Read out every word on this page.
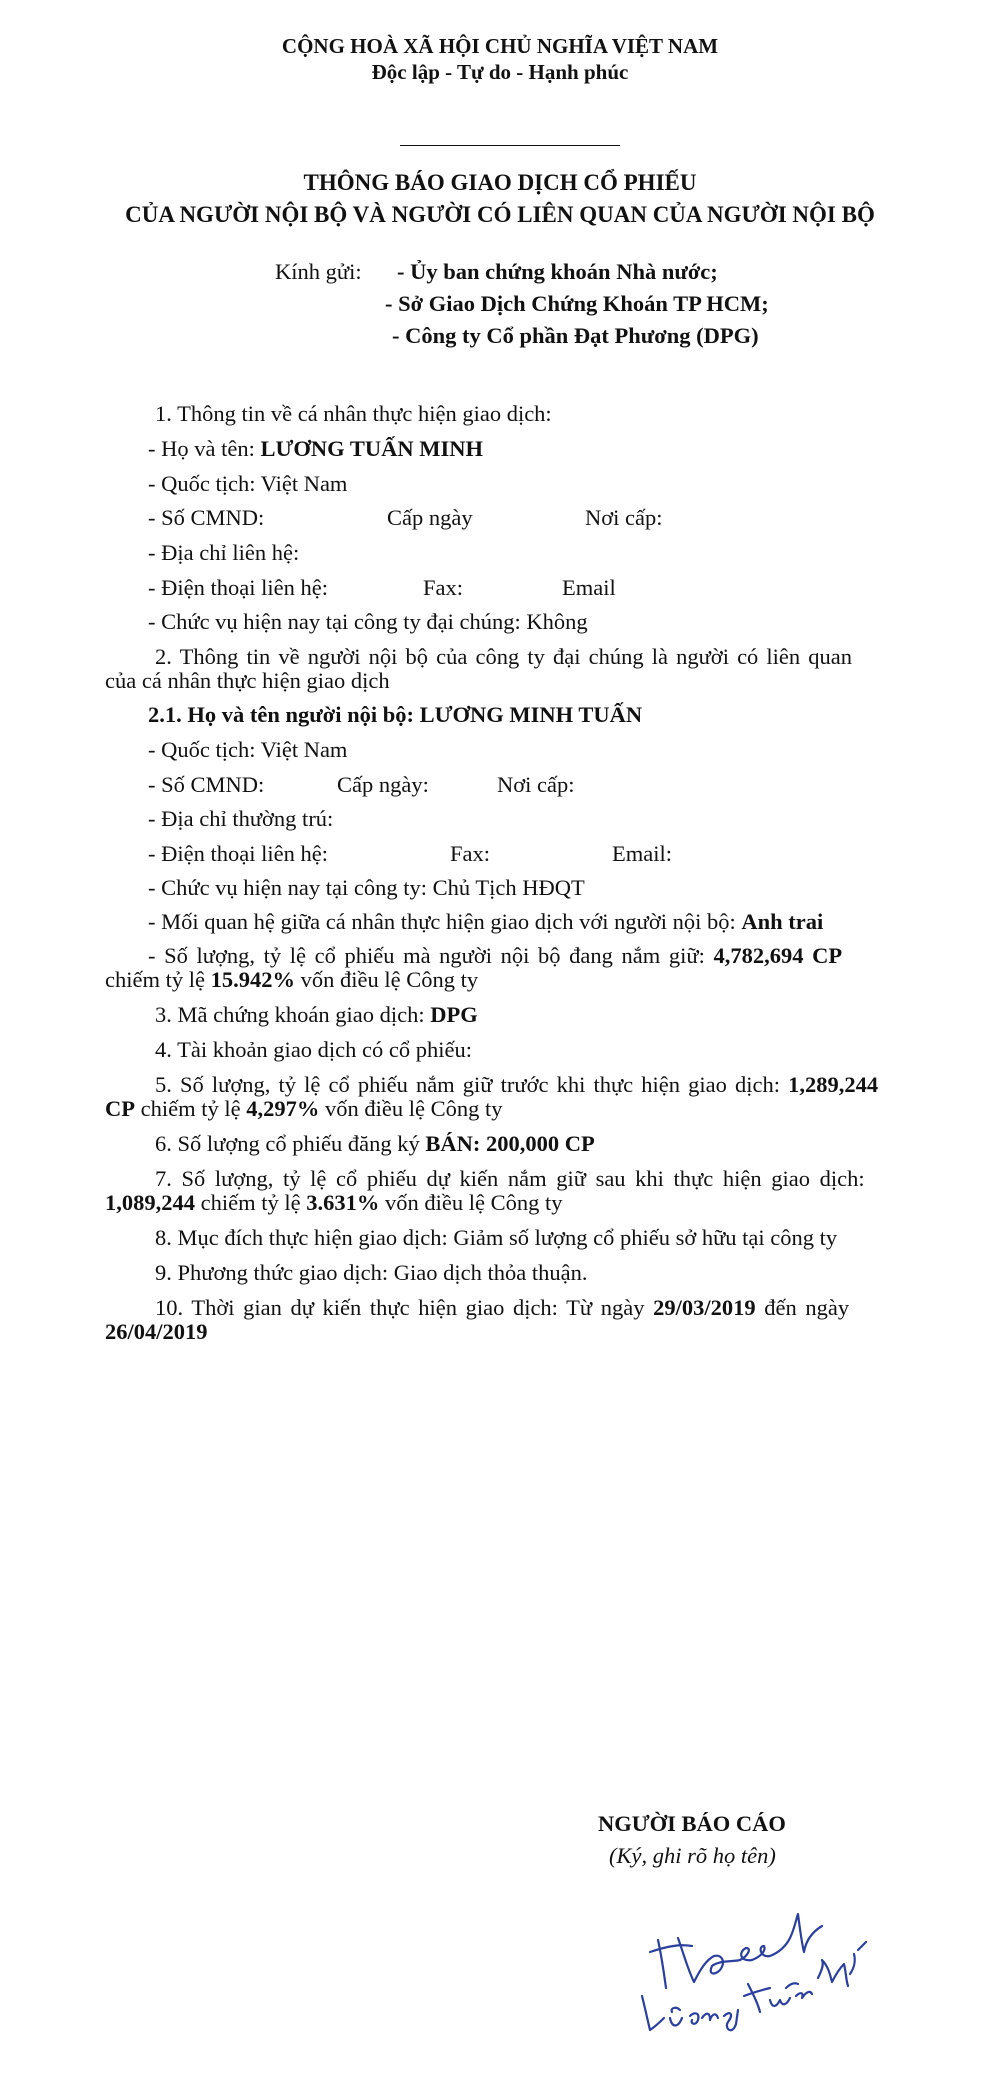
CỘNG HOÀ XÃ HỘI CHỦ NGHĨA VIỆT NAM
Độc lập - Tự do - Hạnh phúc
THÔNG BÁO GIAO DỊCH CỔ PHIẾU
CỦA NGƯỜI NỘI BỘ VÀ NGƯỜI CÓ LIÊN QUAN CỦA NGƯỜI NỘI BỘ
Kính gửi: - Ủy ban chứng khoán Nhà nước;
- Sở Giao Dịch Chứng Khoán TP HCM;
- Công ty Cổ phần Đạt Phương (DPG)
1. Thông tin về cá nhân thực hiện giao dịch:
- Họ và tên: LƯƠNG TUẤN MINH
- Quốc tịch: Việt Nam
- Số CMND:	Cấp ngày	Nơi cấp:
- Địa chỉ liên hệ:
- Điện thoại liên hệ:	Fax:	Email
- Chức vụ hiện nay tại công ty đại chúng: Không
2. Thông tin về người nội bộ của công ty đại chúng là người có liên quan
của cá nhân thực hiện giao dịch
2.1. Họ và tên người nội bộ: LƯƠNG MINH TUẤN
- Quốc tịch: Việt Nam
- Số CMND:	Cấp ngày:	Nơi cấp:
- Địa chỉ thường trú:
- Điện thoại liên hệ:	Fax:	Email:
- Chức vụ hiện nay tại công ty: Chủ Tịch HĐQT
- Mối quan hệ giữa cá nhân thực hiện giao dịch với người nội bộ: Anh trai
- Số lượng, tỷ lệ cổ phiếu mà người nội bộ đang nắm giữ: 4,782,694 CP
chiếm tỷ lệ 15.942% vốn điều lệ Công ty
3. Mã chứng khoán giao dịch: DPG
4. Tài khoản giao dịch có cổ phiếu:
5. Số lượng, tỷ lệ cổ phiếu nắm giữ trước khi thực hiện giao dịch: 1,289,244
CP chiếm tỷ lệ 4,297% vốn điều lệ Công ty
6. Số lượng cổ phiếu đăng ký BÁN: 200,000 CP
7. Số lượng, tỷ lệ cổ phiếu dự kiến nắm giữ sau khi thực hiện giao dịch:
1,089,244 chiếm tỷ lệ 3.631% vốn điều lệ Công ty
8. Mục đích thực hiện giao dịch: Giảm số lượng cổ phiếu sở hữu tại công ty
9. Phương thức giao dịch: Giao dịch thỏa thuận.
10. Thời gian dự kiến thực hiện giao dịch: Từ ngày 29/03/2019 đến ngày
26/04/2019
NGƯỜI BÁO CÁO
(Ký, ghi rõ họ tên)
